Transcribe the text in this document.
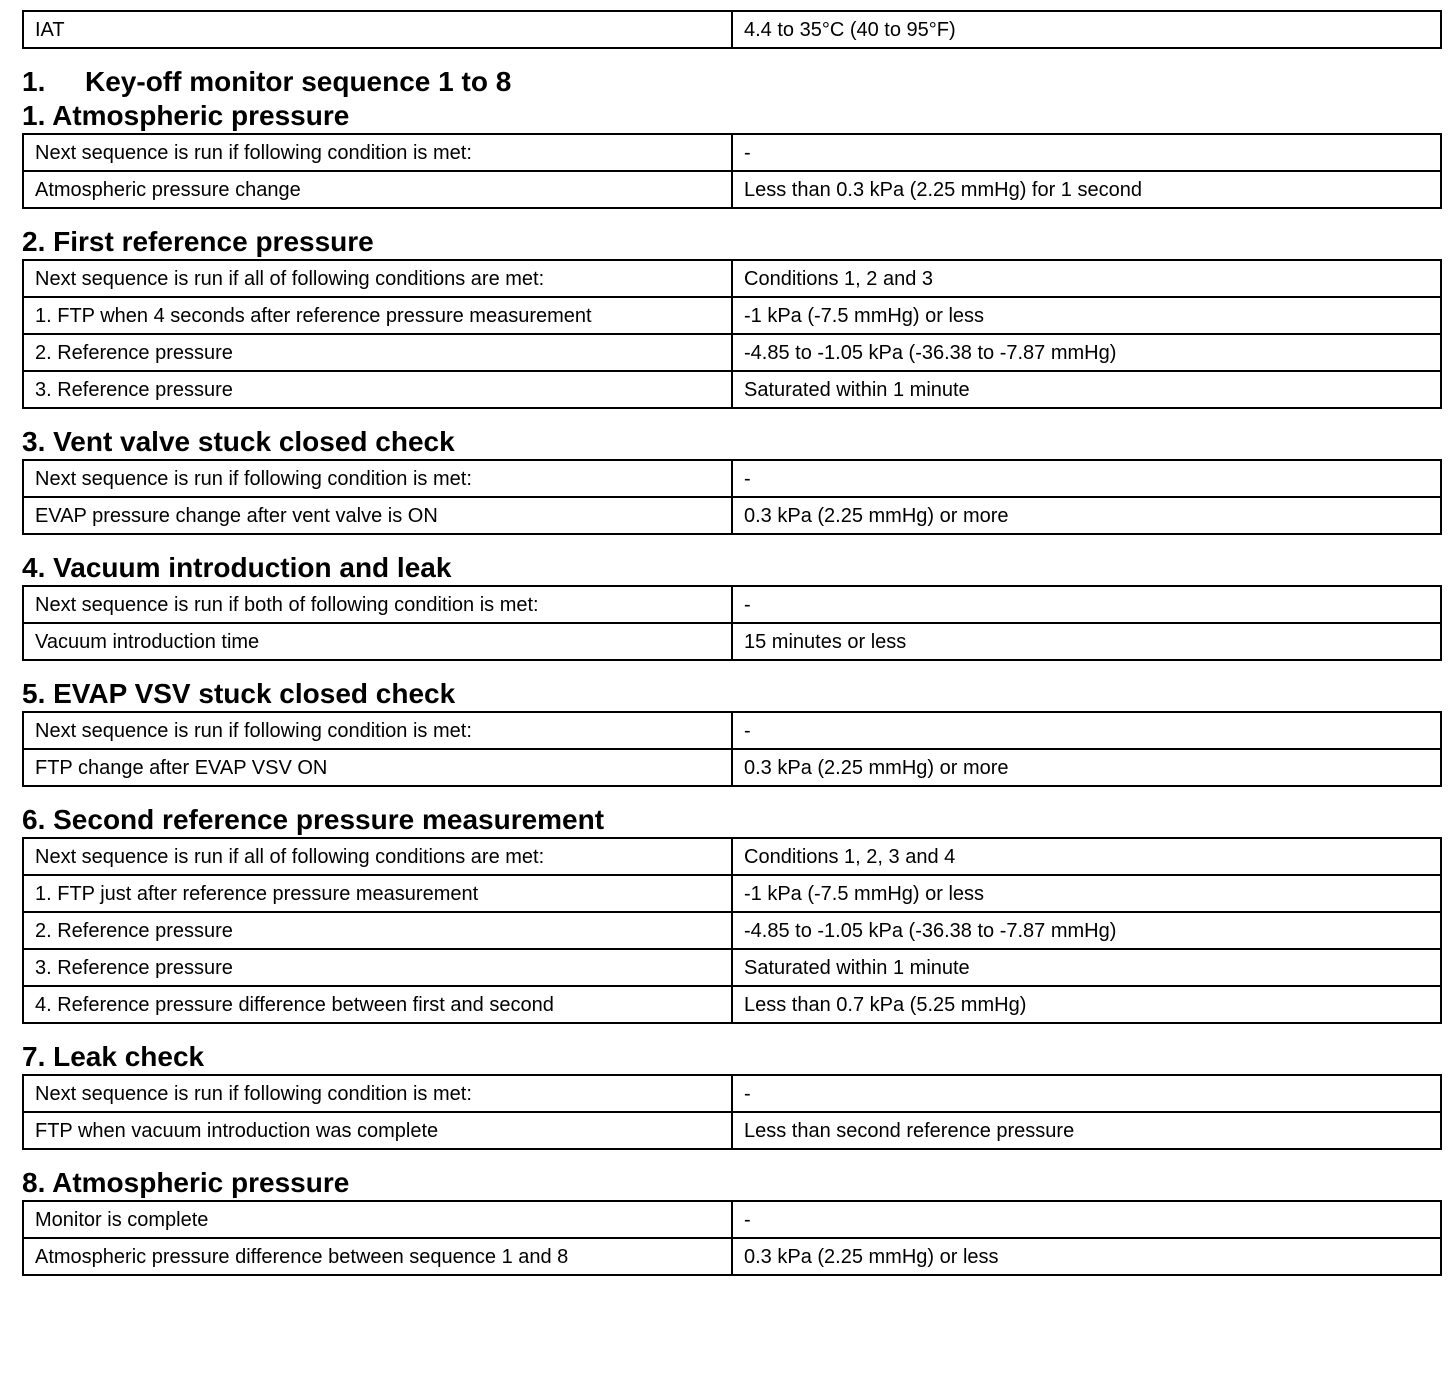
IAT	4.4 to 35°C (40 to 95°F)
1. Key-off monitor sequence 1 to 8
1. Atmospheric pressure
Next sequence is run if following condition is met:	-
Atmospheric pressure change	Less than 0.3 kPa (2.25 mmHg) for 1 second
2. First reference pressure
Next sequence is run if all of following conditions are met:	Conditions 1, 2 and 3
1. FTP when 4 seconds after reference pressure measurement	-1 kPa (-7.5 mmHg) or less
2. Reference pressure	-4.85 to -1.05 kPa (-36.38 to -7.87 mmHg)
3. Reference pressure	Saturated within 1 minute
3. Vent valve stuck closed check
Next sequence is run if following condition is met:	-
EVAP pressure change after vent valve is ON	0.3 kPa (2.25 mmHg) or more
4. Vacuum introduction and leak
Next sequence is run if both of following condition is met:	-
Vacuum introduction time	15 minutes or less
5. EVAP VSV stuck closed check
Next sequence is run if following condition is met:	-
FTP change after EVAP VSV ON	0.3 kPa (2.25 mmHg) or more
6. Second reference pressure measurement
Next sequence is run if all of following conditions are met:	Conditions 1, 2, 3 and 4
1. FTP just after reference pressure measurement	-1 kPa (-7.5 mmHg) or less
2. Reference pressure	-4.85 to -1.05 kPa (-36.38 to -7.87 mmHg)
3. Reference pressure	Saturated within 1 minute
4. Reference pressure difference between first and second	Less than 0.7 kPa (5.25 mmHg)
7. Leak check
Next sequence is run if following condition is met:	-
FTP when vacuum introduction was complete	Less than second reference pressure
8. Atmospheric pressure
Monitor is complete	-
Atmospheric pressure difference between sequence 1 and 8	0.3 kPa (2.25 mmHg) or less
